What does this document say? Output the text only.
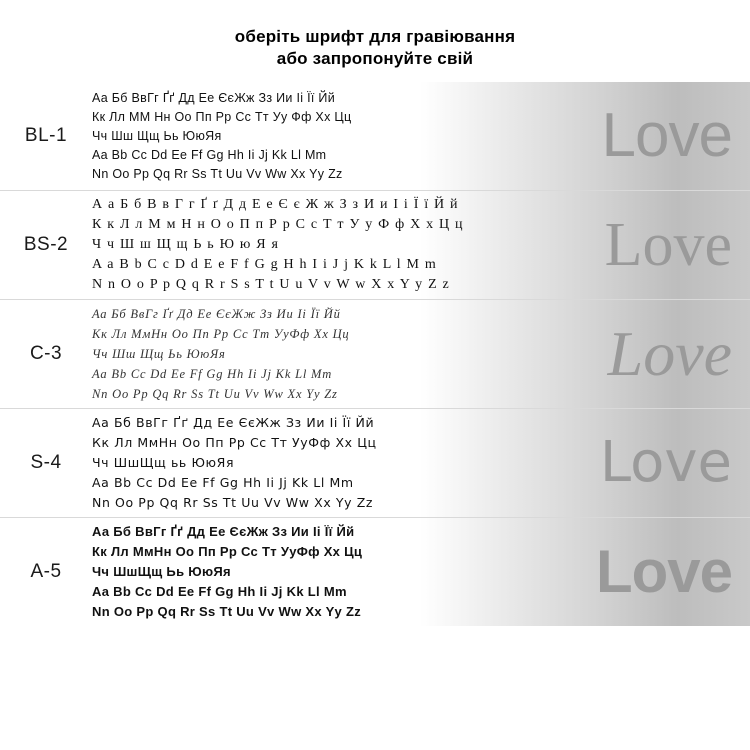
оберіть шрифт для гравіювання
або запропонуйте свій
Love
BL-1
Аа Бб ВвГг Ґґ Дд Ее ЄєЖж Зз Ии Іі Її Йй
Кк Лл ММ Нн Оо Пп Рр Сс Тт Уу Фф Хх Цц
Чч Шш Щщ Ьь ЮюЯя
Aa Bb Cc Dd Ee Ff Gg Hh Ii Jj Kk Ll Mm
Nn Oo Pp Qq Rr Ss Tt Uu Vv Ww Xx Yy Zz
Love
BS-2
А а Б б В в Г г Ґ ґ Д д Е е Є є Ж ж З з И и І і Ї ї Й й
К к Л л М м Н н О о П п Р р С с Т т У у Ф ф Х х Ц ц
Ч ч Ш ш Щ щ Ь ь Ю ю Я я
A a B b C c D d E e F f G g H h I i J j K k L l M m
N n O o P p Q q R r S s T t U u V v W w X x Y y Z z
Love
C-3
Аа Бб ВвГг Ґґ Дд Ее ЄєЖж Зз Ии Іі Її Йй
Кк Лл МмНн Оо Пп Рр Сс Тт УуФф Хх Цц
Чч Шш Щщ Ьь ЮюЯя
Aa Bb Cc Dd Ee Ff Gg Hh Ii Jj Kk Ll Mm
Nn Oo Pp Qq Rr Ss Tt Uu Vv Ww Xx Yy Zz
Love
S-4
Аа Бб ВвГг Ґґ Дд Ее ЄєЖж Зз Ии Іі Її Йй
Кк Лл МмНн Оо Пп Рр Сс Тт УуФф Хх Цц
Чч ШшЩщ ьь ЮюЯя
Aa Bb Cc Dd Ee Ff Gg Hh Ii Jj Kk Ll Mm
Nn Oo Pp Qq Rr Ss Tt Uu Vv Ww Xx Yy Zz
Love
A-5
Аа Бб ВвГг Ґґ Дд Ее ЄєЖж Зз Ии Іі Її Йй
Кк Лл МмНн Оо Пп Рр Сс Тт УуФф Хх Цц
Чч ШшЩщ Ьь ЮюЯя
Aa Bb Cc Dd Ee Ff Gg Hh Ii Jj Kk Ll Mm
Nn Oo Pp Qq Rr Ss Tt Uu Vv Ww Xx Yy Zz
